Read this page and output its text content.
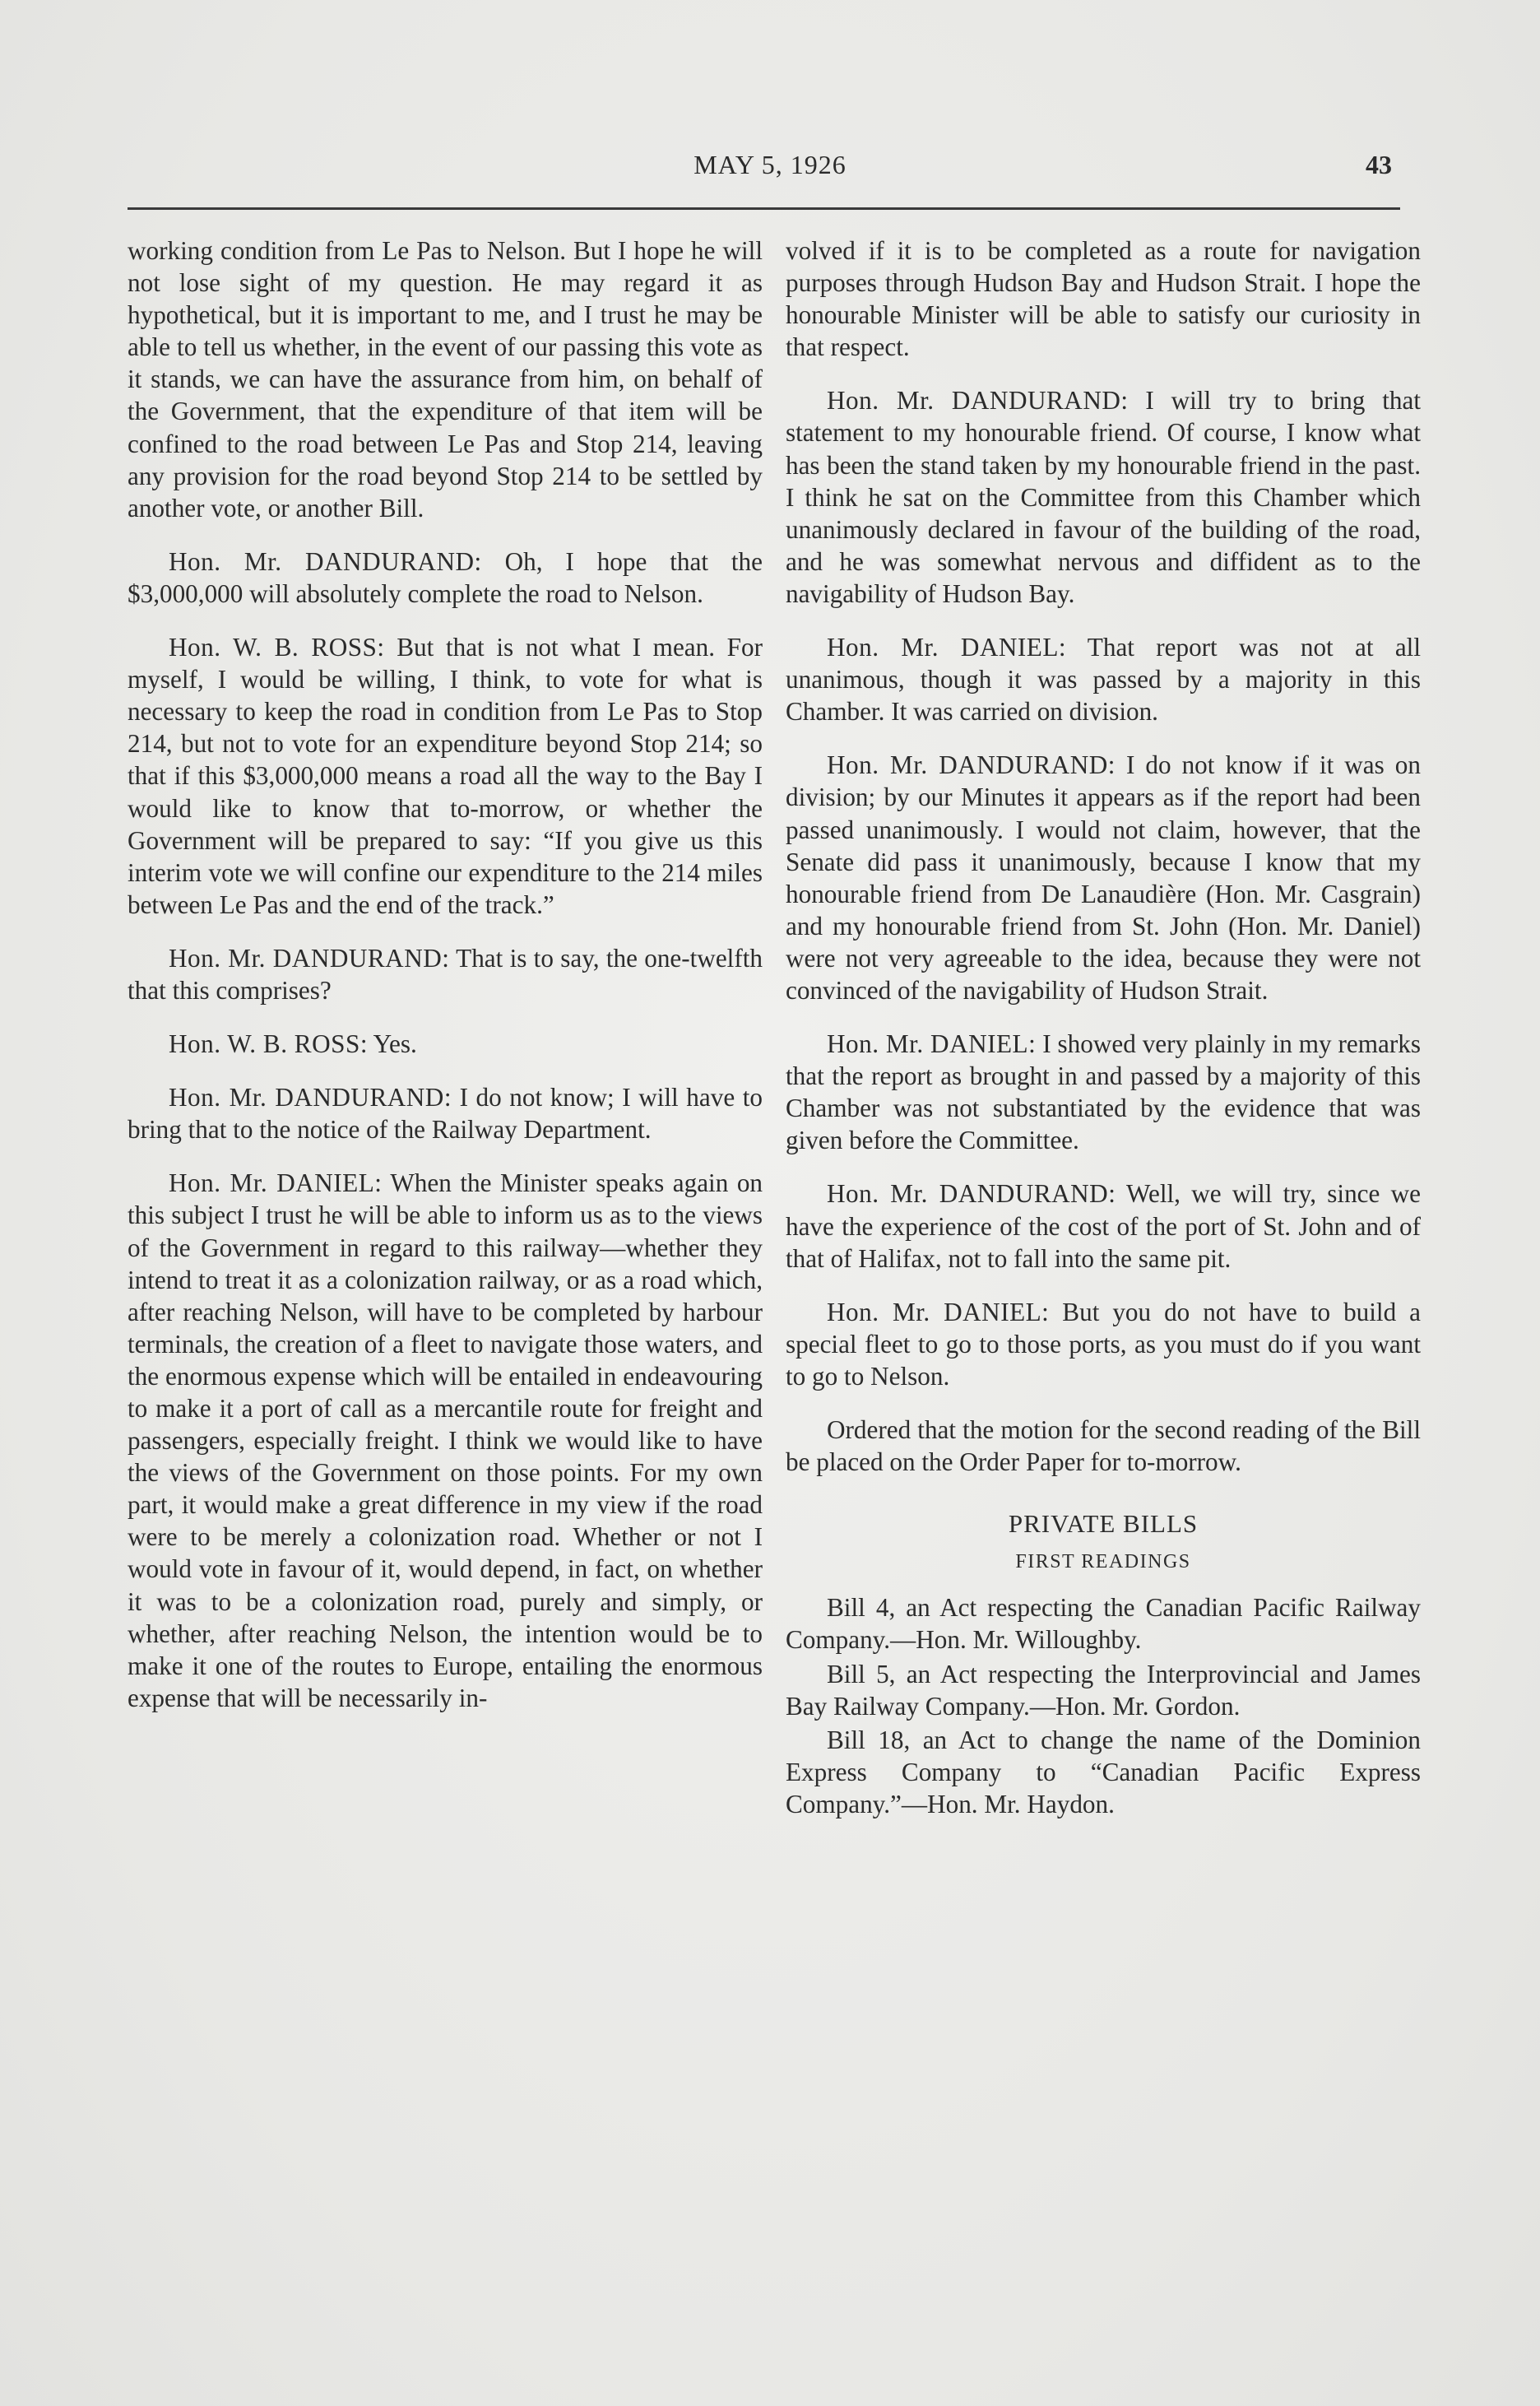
MAY 5, 1926	43

working condition from Le Pas to Nelson. But I hope he will not lose sight of my question. He may regard it as hypothetical, but it is important to me, and I trust he may be able to tell us whether, in the event of our passing this vote as it stands, we can have the assurance from him, on behalf of the Government, that the expenditure of that item will be confined to the road between Le Pas and Stop 214, leaving any provision for the road beyond Stop 214 to be settled by another vote, or another Bill.

Hon. Mr. DANDURAND: Oh, I hope that the $3,000,000 will absolutely complete the road to Nelson.

Hon. W. B. ROSS: But that is not what I mean. For myself, I would be willing, I think, to vote for what is necessary to keep the road in condition from Le Pas to Stop 214, but not to vote for an expenditure beyond Stop 214; so that if this $3,000,000 means a road all the way to the Bay I would like to know that to-morrow, or whether the Government will be prepared to say: “If you give us this interim vote we will confine our expenditure to the 214 miles between Le Pas and the end of the track.”

Hon. Mr. DANDURAND: That is to say, the one-twelfth that this comprises?

Hon. W. B. ROSS: Yes.

Hon. Mr. DANDURAND: I do not know; I will have to bring that to the notice of the Railway Department.

Hon. Mr. DANIEL: When the Minister speaks again on this subject I trust he will be able to inform us as to the views of the Government in regard to this railway—whether they intend to treat it as a colonization railway, or as a road which, after reaching Nelson, will have to be completed by harbour terminals, the creation of a fleet to navigate those waters, and the enormous expense which will be entailed in endeavouring to make it a port of call as a mercantile route for freight and passengers, especially freight. I think we would like to have the views of the Government on those points. For my own part, it would make a great difference in my view if the road were to be merely a colonization road. Whether or not I would vote in favour of it, would depend, in fact, on whether it was to be a colonization road, purely and simply, or whether, after reaching Nelson, the intention would be to make it one of the routes to Europe, entailing the enormous expense that will be necessarily in-

volved if it is to be completed as a route for navigation purposes through Hudson Bay and Hudson Strait. I hope the honourable Minister will be able to satisfy our curiosity in that respect.

Hon. Mr. DANDURAND: I will try to bring that statement to my honourable friend. Of course, I know what has been the stand taken by my honourable friend in the past. I think he sat on the Committee from this Chamber which unanimously declared in favour of the building of the road, and he was somewhat nervous and diffident as to the navigability of Hudson Bay.

Hon. Mr. DANIEL: That report was not at all unanimous, though it was passed by a majority in this Chamber. It was carried on division.

Hon. Mr. DANDURAND: I do not know if it was on division; by our Minutes it appears as if the report had been passed unanimously. I would not claim, however, that the Senate did pass it unanimously, because I know that my honourable friend from De Lanaudière (Hon. Mr. Casgrain) and my honourable friend from St. John (Hon. Mr. Daniel) were not very agreeable to the idea, because they were not convinced of the navigability of Hudson Strait.

Hon. Mr. DANIEL: I showed very plainly in my remarks that the report as brought in and passed by a majority of this Chamber was not substantiated by the evidence that was given before the Committee.

Hon. Mr. DANDURAND: Well, we will try, since we have the experience of the cost of the port of St. John and of that of Halifax, not to fall into the same pit.

Hon. Mr. DANIEL: But you do not have to build a special fleet to go to those ports, as you must do if you want to go to Nelson.

Ordered that the motion for the second reading of the Bill be placed on the Order Paper for to-morrow.

PRIVATE BILLS
FIRST READINGS

Bill 4, an Act respecting the Canadian Pacific Railway Company.—Hon. Mr. Willoughby.

Bill 5, an Act respecting the Interprovincial and James Bay Railway Company.—Hon. Mr. Gordon.

Bill 18, an Act to change the name of the Dominion Express Company to “Canadian Pacific Express Company.”—Hon. Mr. Haydon.
